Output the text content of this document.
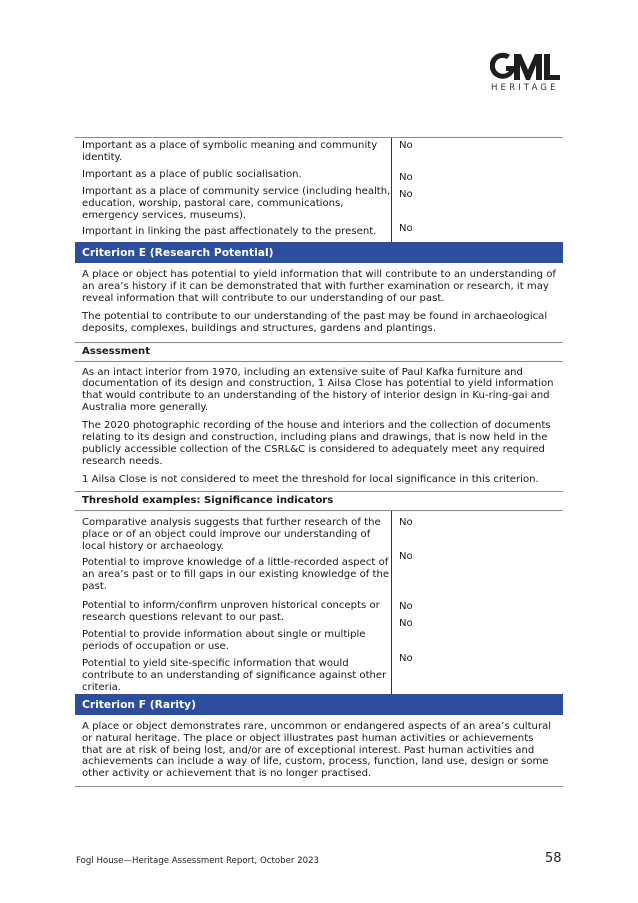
HERITAGE

Important as a place of symbolic meaning and community identity.

Important as a place of public socialisation.

Important as a place of community service (including health, education, worship, pastoral care, communications, emergency services, museums).

Important in linking the past affectionately to the present.

No
No
No
No
Criterion E (Research Potential)

A place or object has potential to yield information that will contribute to an understanding of an area’s history if it can be demonstrated that with further examination or research, it may reveal information that will contribute to our understanding of our past.

The potential to contribute to our understanding of the past may be found in archaeological deposits, complexes, buildings and structures, gardens and plantings.

Assessment

As an intact interior from 1970, including an extensive suite of Paul Kafka furniture and documentation of its design and construction, 1 Ailsa Close has potential to yield information that would contribute to an understanding of the history of interior design in Ku-ring-gai and Australia more generally.

The 2020 photographic recording of the house and interiors and the collection of documents relating to its design and construction, including plans and drawings, that is now held in the publicly accessible collection of the CSRL&C is considered to adequately meet any required research needs.

1 Ailsa Close is not considered to meet the threshold for local significance in this criterion.

Threshold examples: Significance indicators

Comparative analysis suggests that further research of the place or of an object could improve our understanding of local history or archaeology.

Potential to improve knowledge of a little-recorded aspect of an area’s past or to fill gaps in our existing knowledge of the past.

Potential to inform/confirm unproven historical concepts or research questions relevant to our past.

Potential to provide information about single or multiple periods of occupation or use.

Potential to yield site-specific information that would contribute to an understanding of significance against other criteria.

No
No
No
No
No
Criterion F (Rarity)

A place or object demonstrates rare, uncommon or endangered aspects of an area’s cultural or natural heritage. The place or object illustrates past human activities or achievements that are at risk of being lost, and/or are of exceptional interest. Past human activities and achievements can include a way of life, custom, process, function, land use, design or some other activity or achievement that is no longer practised.

Fogl House—Heritage Assessment Report, October 2023	58
